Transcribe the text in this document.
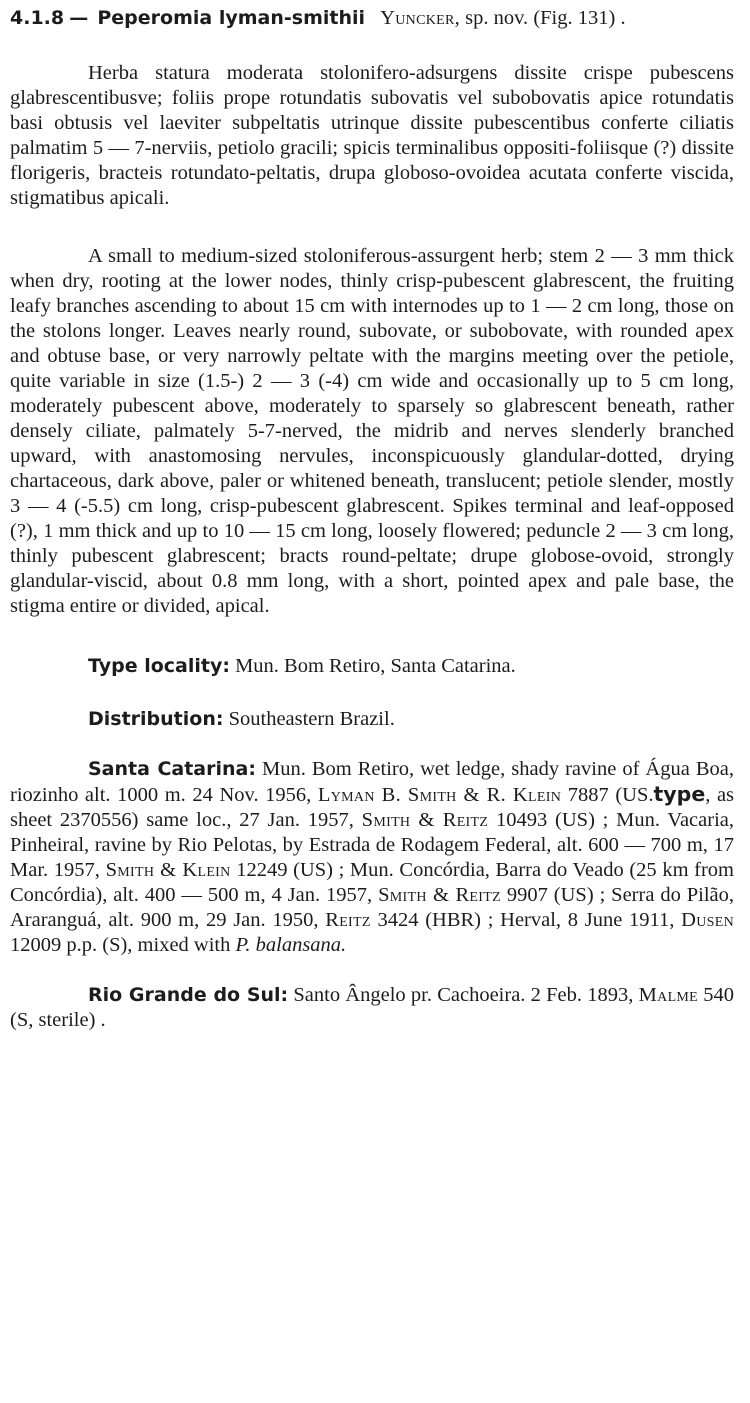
4.1.8 — Peperomia lyman-smithii Yuncker, sp. nov. (Fig. 131) .

Herba statura moderata stolonifero-adsurgens dissite crispe pubescens glabrescentibusve; foliis prope rotundatis subovatis vel subobovatis apice rotundatis basi obtusis vel laeviter subpeltatis utrinque dissite pubescentibus conferte ciliatis palmatim 5 — 7-nerviis, petiolo gracili; spicis terminalibus oppositi-foliisque (?) dissite florigeris, bracteis rotundato-peltatis, drupa globoso-ovoidea acutata conferte viscida, stigmatibus apicali.

A small to medium-sized stoloniferous-assurgent herb; stem 2 — 3 mm thick when dry, rooting at the lower nodes, thinly crisp-pubescent glabrescent, the fruiting leafy branches ascending to about 15 cm with internodes up to 1 — 2 cm long, those on the stolons longer. Leaves nearly round, subovate, or subobovate, with rounded apex and obtuse base, or very narrowly peltate with the margins meeting over the petiole, quite variable in size (1.5-) 2 — 3 (-4) cm wide and occasionally up to 5 cm long, moderately pubescent above, moderately to sparsely so glabrescent beneath, rather densely ciliate, palmately 5-7-nerved, the midrib and nerves slenderly branched upward, with anastomosing nervules, inconspicuously glandular-dotted, drying chartaceous, dark above, paler or whitened beneath, translucent; petiole slender, mostly 3 — 4 (-5.5) cm long, crisp-pubescent glabrescent. Spikes terminal and leaf-opposed (?), 1 mm thick and up to 10 — 15 cm long, loosely flowered; peduncle 2 — 3 cm long, thinly pubescent glabrescent; bracts round-peltate; drupe globose-ovoid, strongly glandular-viscid, about 0.8 mm long, with a short, pointed apex and pale base, the stigma entire or divided, apical.

Type locality: Mun. Bom Retiro, Santa Catarina.

Distribution: Southeastern Brazil.

Santa Catarina: Mun. Bom Retiro, wet ledge, shady ravine of Água Boa, riozinho alt. 1000 m. 24 Nov. 1956, Lyman B. Smith & R. Klein 7887 (US.type, as sheet 2370556) same loc., 27 Jan. 1957, Smith & Reitz 10493 (US) ; Mun. Vacaria, Pinheiral, ravine by Rio Pelotas, by Estrada de Rodagem Federal, alt. 600 — 700 m, 17 Mar. 1957, Smith & Klein 12249 (US) ; Mun. Concórdia, Barra do Veado (25 km from Concórdia), alt. 400 — 500 m, 4 Jan. 1957, Smith & Reitz 9907 (US) ; Serra do Pilão, Araranguá, alt. 900 m, 29 Jan. 1950, Reitz 3424 (HBR) ; Herval, 8 June 1911, Dusen 12009 p.p. (S), mixed with P. balansana.

Rio Grande do Sul: Santo Ângelo pr. Cachoeira. 2 Feb. 1893, Malme 540 (S, sterile) .
